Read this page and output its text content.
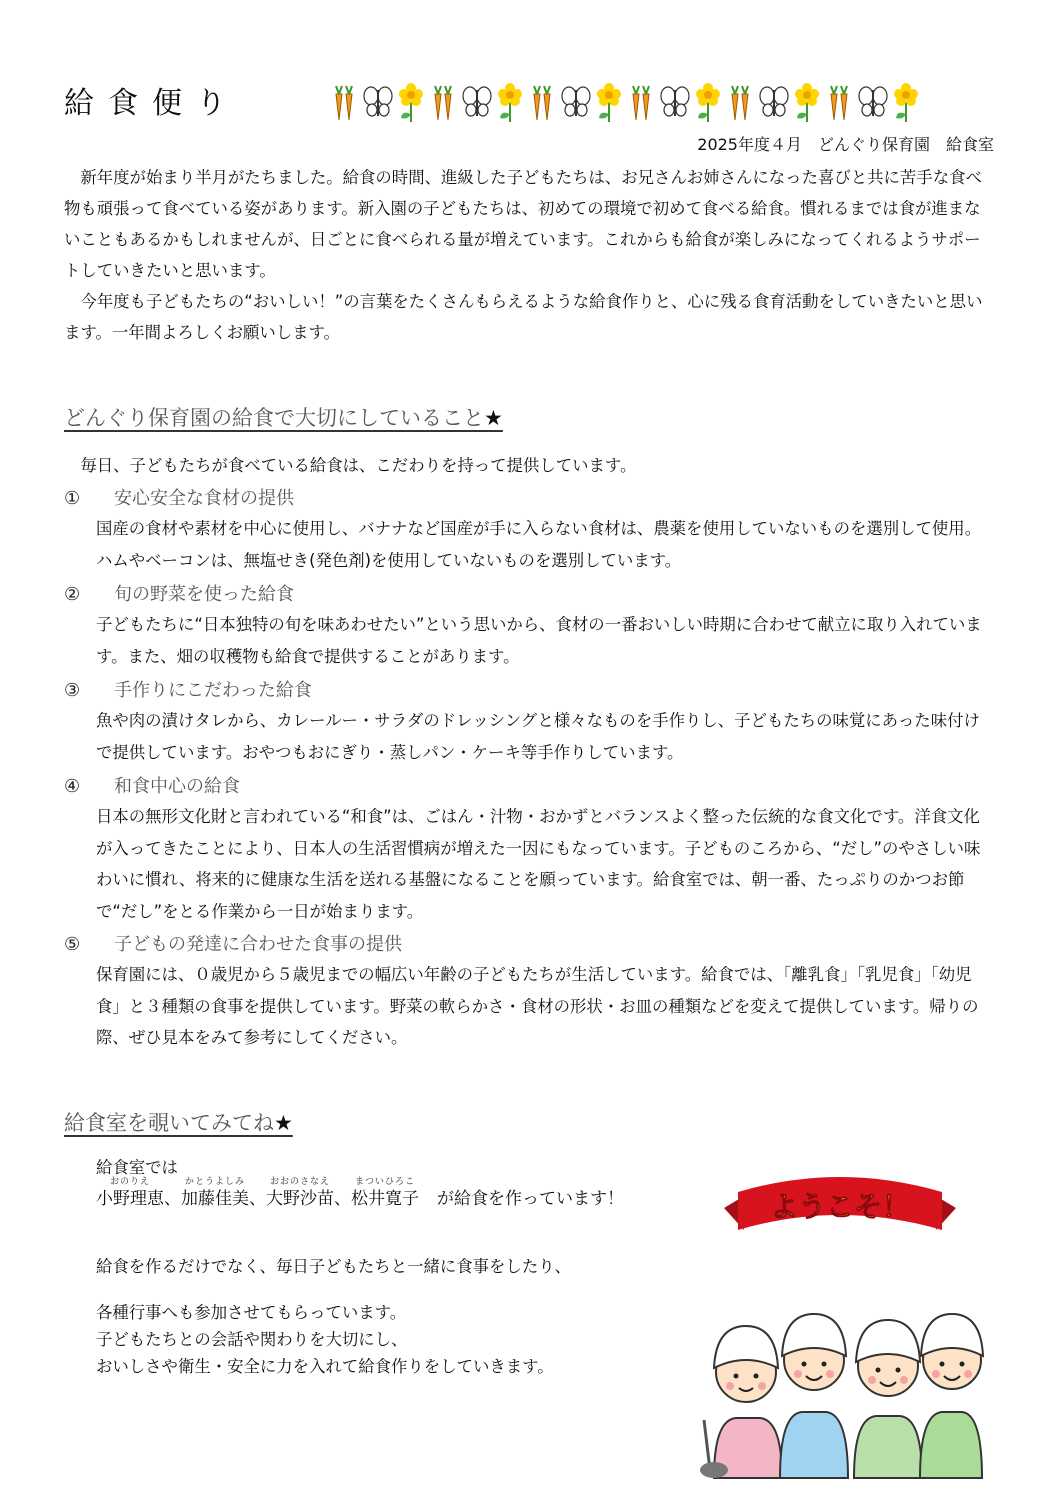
給食便り
2025年度４月　どんぐり保育園　給食室

新年度が始まり半月がたちました。給食の時間、進級した子どもたちは、お兄さんお姉さんになった喜びと共に苦手な食べ物も頑張って食べている姿があります。新入園の子どもたちは、初めての環境で初めて食べる給食。慣れるまでは食が進まないこともあるかもしれませんが、日ごとに食べられる量が増えています。これからも給食が楽しみになってくれるようサポートしていきたいと思います。

今年度も子どもたちの“おいしい！”の言葉をたくさんもらえるような給食作りと、心に残る食育活動をしていきたいと思います。一年間よろしくお願いします。

どんぐり保育園の給食で大切にしていること★
毎日、子どもたちが食べている給食は、こだわりを持って提供しています。
① 安心安全な食材の提供
国産の食材や素材を中心に使用し、バナナなど国産が手に入らない食材は、農薬を使用していないものを選別して使用。ハムやベーコンは、無塩せき(発色剤)を使用していないものを選別しています。
② 旬の野菜を使った給食
子どもたちに“日本独特の旬を味あわせたい”という思いから、食材の一番おいしい時期に合わせて献立に取り入れています。また、畑の収穫物も給食で提供することがあります。
③ 手作りにこだわった給食
魚や肉の漬けタレから、カレールー・サラダのドレッシングと様々なものを手作りし、子どもたちの味覚にあった味付けで提供しています。おやつもおにぎり・蒸しパン・ケーキ等手作りしています。
④ 和食中心の給食
日本の無形文化財と言われている“和食”は、ごはん・汁物・おかずとバランスよく整った伝統的な食文化です。洋食文化が入ってきたことにより、日本人の生活習慣病が増えた一因にもなっています。子どものころから、“だし”のやさしい味わいに慣れ、将来的に健康な生活を送れる基盤になることを願っています。給食室では、朝一番、たっぷりのかつお節で“だし”をとる作業から一日が始まります。
⑤ 子どもの発達に合わせた食事の提供
保育園には、０歳児から５歳児までの幅広い年齢の子どもたちが生活しています。給食では、「離乳食」「乳児食」「幼児食」と３種類の食事を提供しています。野菜の軟らかさ・食材の形状・お皿の種類などを変えて提供しています。帰りの際、ぜひ見本をみて参考にしてください。
給食室を覗いてみてね★
給食室では
おのりえ
小野理恵 、
かとうよしみ
加藤佳美 、
おおのさなえ
大野沙苗 、
まついひろこ
松井寛子 が給食を作っています！
給食を作るだけでなく、毎日子どもたちと一緒に食事をしたり、
各種行事へも参加させてもらっています。
子どもたちとの会話や関わりを大切にし、
おいしさや衛生・安全に力を入れて給食作りをしていきます。
ようこそ！
